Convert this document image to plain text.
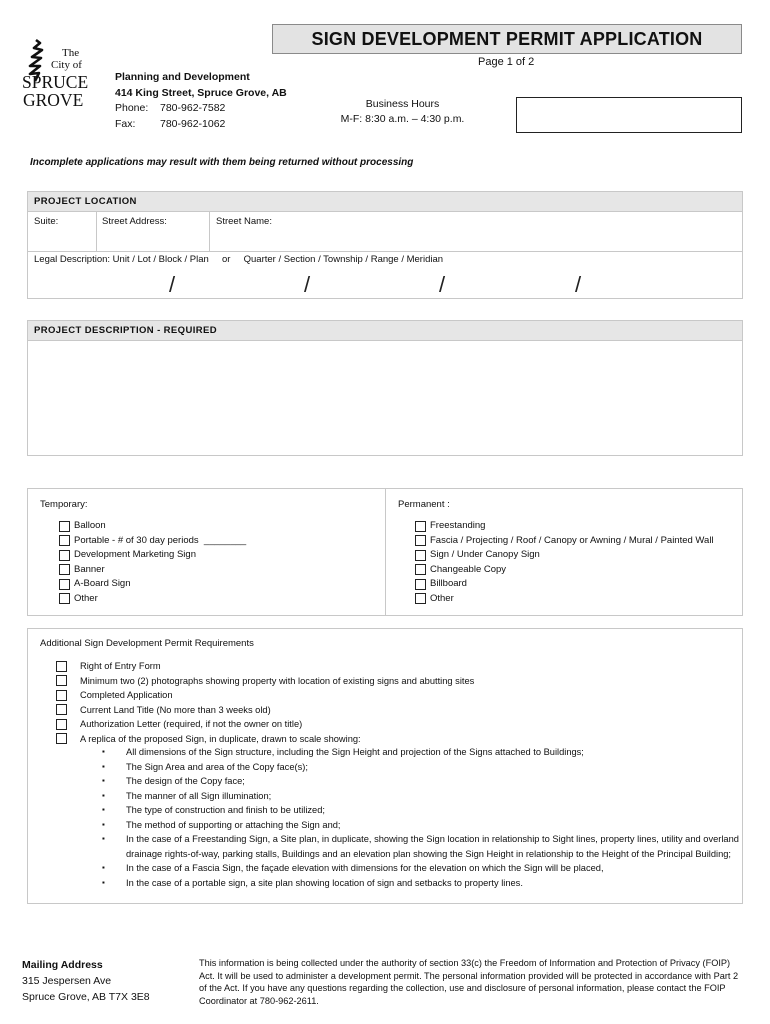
The
City of
SPRUCE
GROVE
SIGN DEVELOPMENT PERMIT APPLICATION
Page 1 of 2
Planning and Development
414 King Street, Spruce Grove, AB
Phone:	780-962-7582
Fax:	780-962-1062
Business Hours
M-F: 8:30 a.m. – 4:30 p.m.
Incomplete applications may result with them being returned without processing
PROJECT LOCATION
Suite:	Street Address:	Street Name:
Legal Description: Unit / Lot / Block / Plan     or     Quarter / Section / Township / Range / Meridian
/	/	/	/
PROJECT DESCRIPTION - REQUIRED
Temporary:
Balloon
Portable - # of 30 day periods  ________
Development Marketing Sign
Banner
A-Board Sign
Other
Permanent :
Freestanding
Fascia / Projecting / Roof / Canopy or Awning / Mural / Painted Wall
Sign / Under Canopy Sign
Changeable Copy
Billboard
Other
Additional Sign Development Permit Requirements
Right of Entry Form
Minimum two (2) photographs showing property with location of existing signs and abutting sites
Completed Application
Current Land Title (No more than 3 weeks old)
Authorization Letter (required, if not the owner on title)
A replica of the proposed Sign, in duplicate, drawn to scale showing:
▪	All dimensions of the Sign structure, including the Sign Height and projection of the Signs attached to Buildings;
▪	The Sign Area and area of the Copy face(s);
▪	The design of the Copy face;
▪	The manner of all Sign illumination;
▪	The type of construction and finish to be utilized;
▪	The method of supporting or attaching the Sign and;
▪	In the case of a Freestanding Sign, a Site plan, in duplicate, showing the Sign location in relationship to Sight lines, property lines, utility and overland drainage rights-of-way, parking stalls, Buildings and an elevation plan showing the Sign Height in relationship to the Height of the Principal Building;
▪	In the case of a Fascia Sign, the façade elevation with dimensions for the elevation on which the Sign will be placed,
▪	In the case of a portable sign, a site plan showing location of sign and setbacks to property lines.
Mailing Address
315 Jespersen Ave
Spruce Grove, AB T7X 3E8
This information is being collected under the authority of section 33(c) the Freedom of Information and Protection of Privacy (FOIP) Act. It will be used to administer a development permit. The personal information provided will be protected in accordance with Part 2 of the Act. If you have any questions regarding the collection, use and disclosure of personal information, please contact the FOIP Coordinator at 780-962-2611.
